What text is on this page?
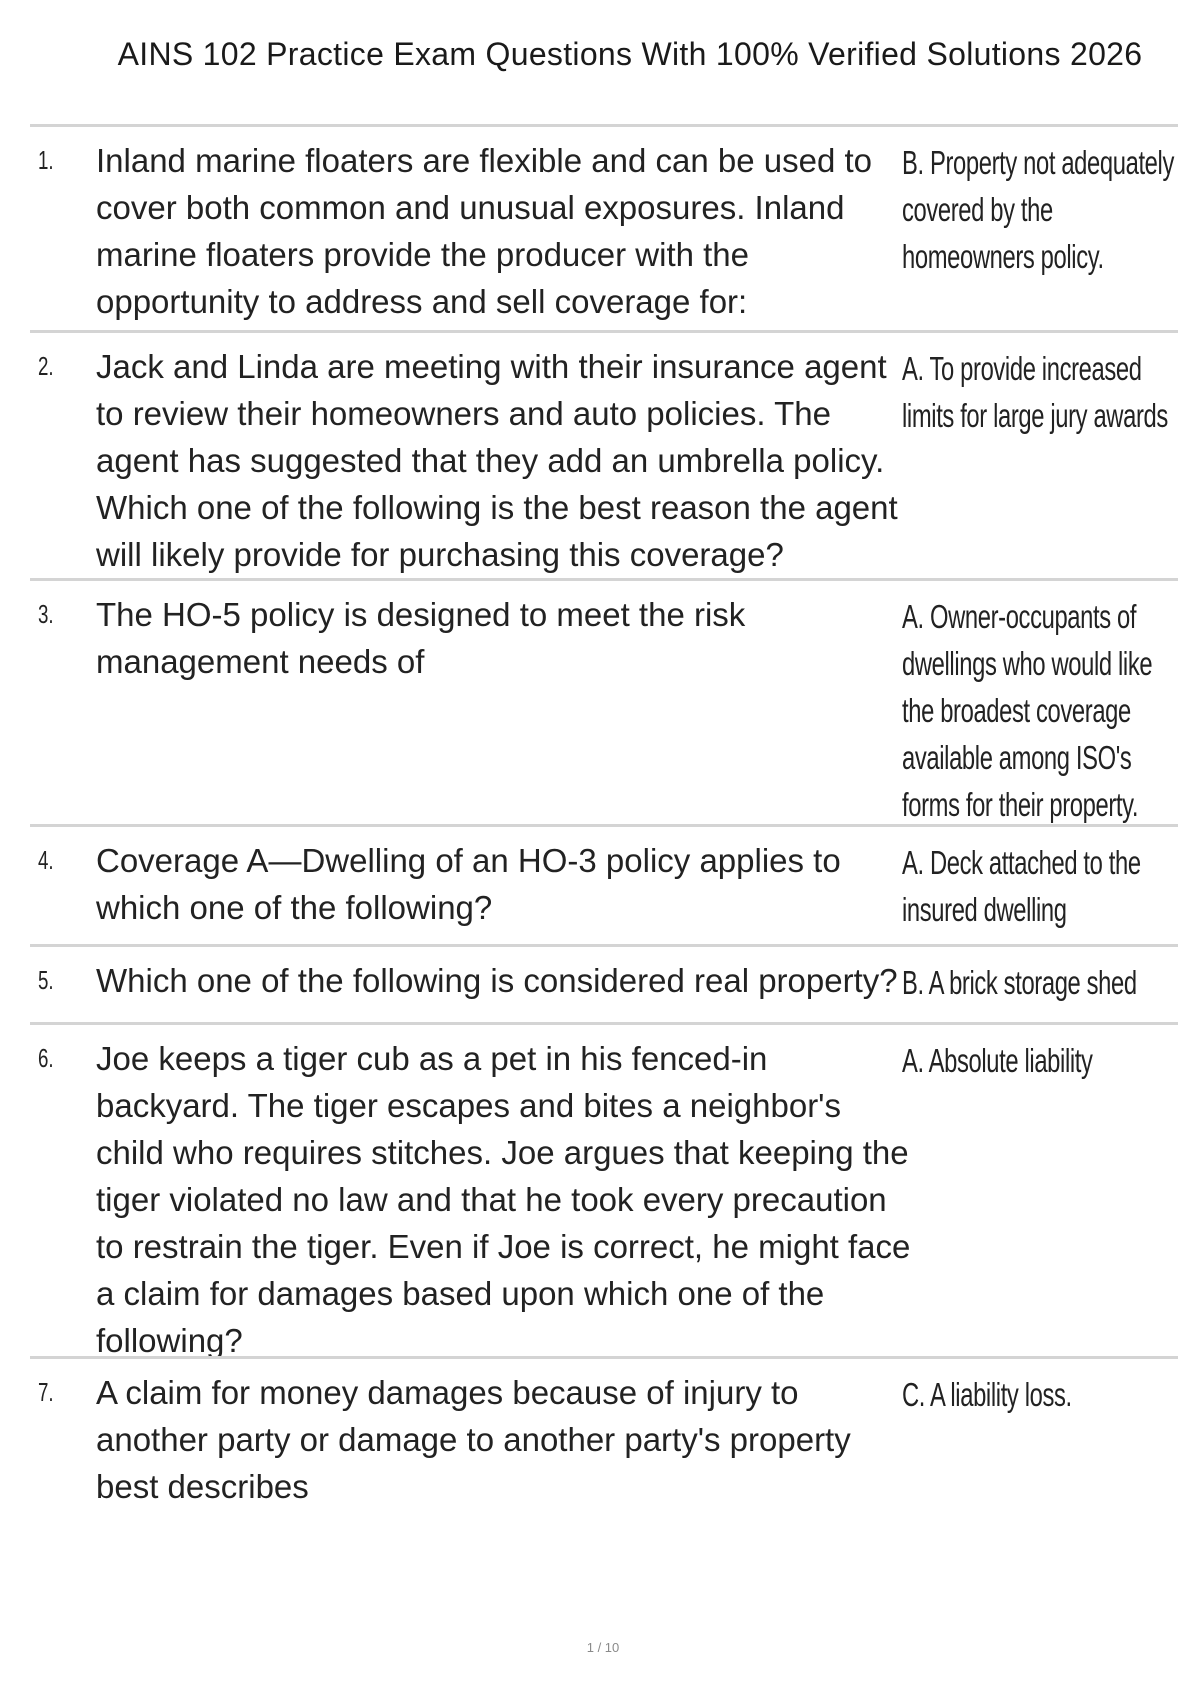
AINS 102 Practice Exam Questions With 100% Verified Solutions 2026
1. Inland marine floaters are flexible and can be used to cover both common and unusual exposures. Inland marine floaters provide the producer with the opportunity to address and sell coverage for:
B. Property not adequately covered by the homeowners policy.
2. Jack and Linda are meeting with their insurance agent to review their homeowners and auto policies. The agent has suggested that they add an umbrella policy. Which one of the following is the best reason the agent will likely provide for purchasing this coverage?
A. To provide increased limits for large jury awards
3. The HO-5 policy is designed to meet the risk management needs of
A. Owner-occupants of dwellings who would like the broadest coverage available among ISO's forms for their property.
4. Coverage A—Dwelling of an HO-3 policy applies to which one of the following?
A. Deck attached to the insured dwelling
5. Which one of the following is considered real property? B. A brick storage shed
6. Joe keeps a tiger cub as a pet in his fenced-in backyard. The tiger escapes and bites a neighbor's child who requires stitches. Joe argues that keeping the tiger violated no law and that he took every precaution to restrain the tiger. Even if Joe is correct, he might face a claim for damages based upon which one of the following?
A. Absolute liability
7. A claim for money damages because of injury to another party or damage to another party's property best describes
C. A liability loss.
1 / 10
